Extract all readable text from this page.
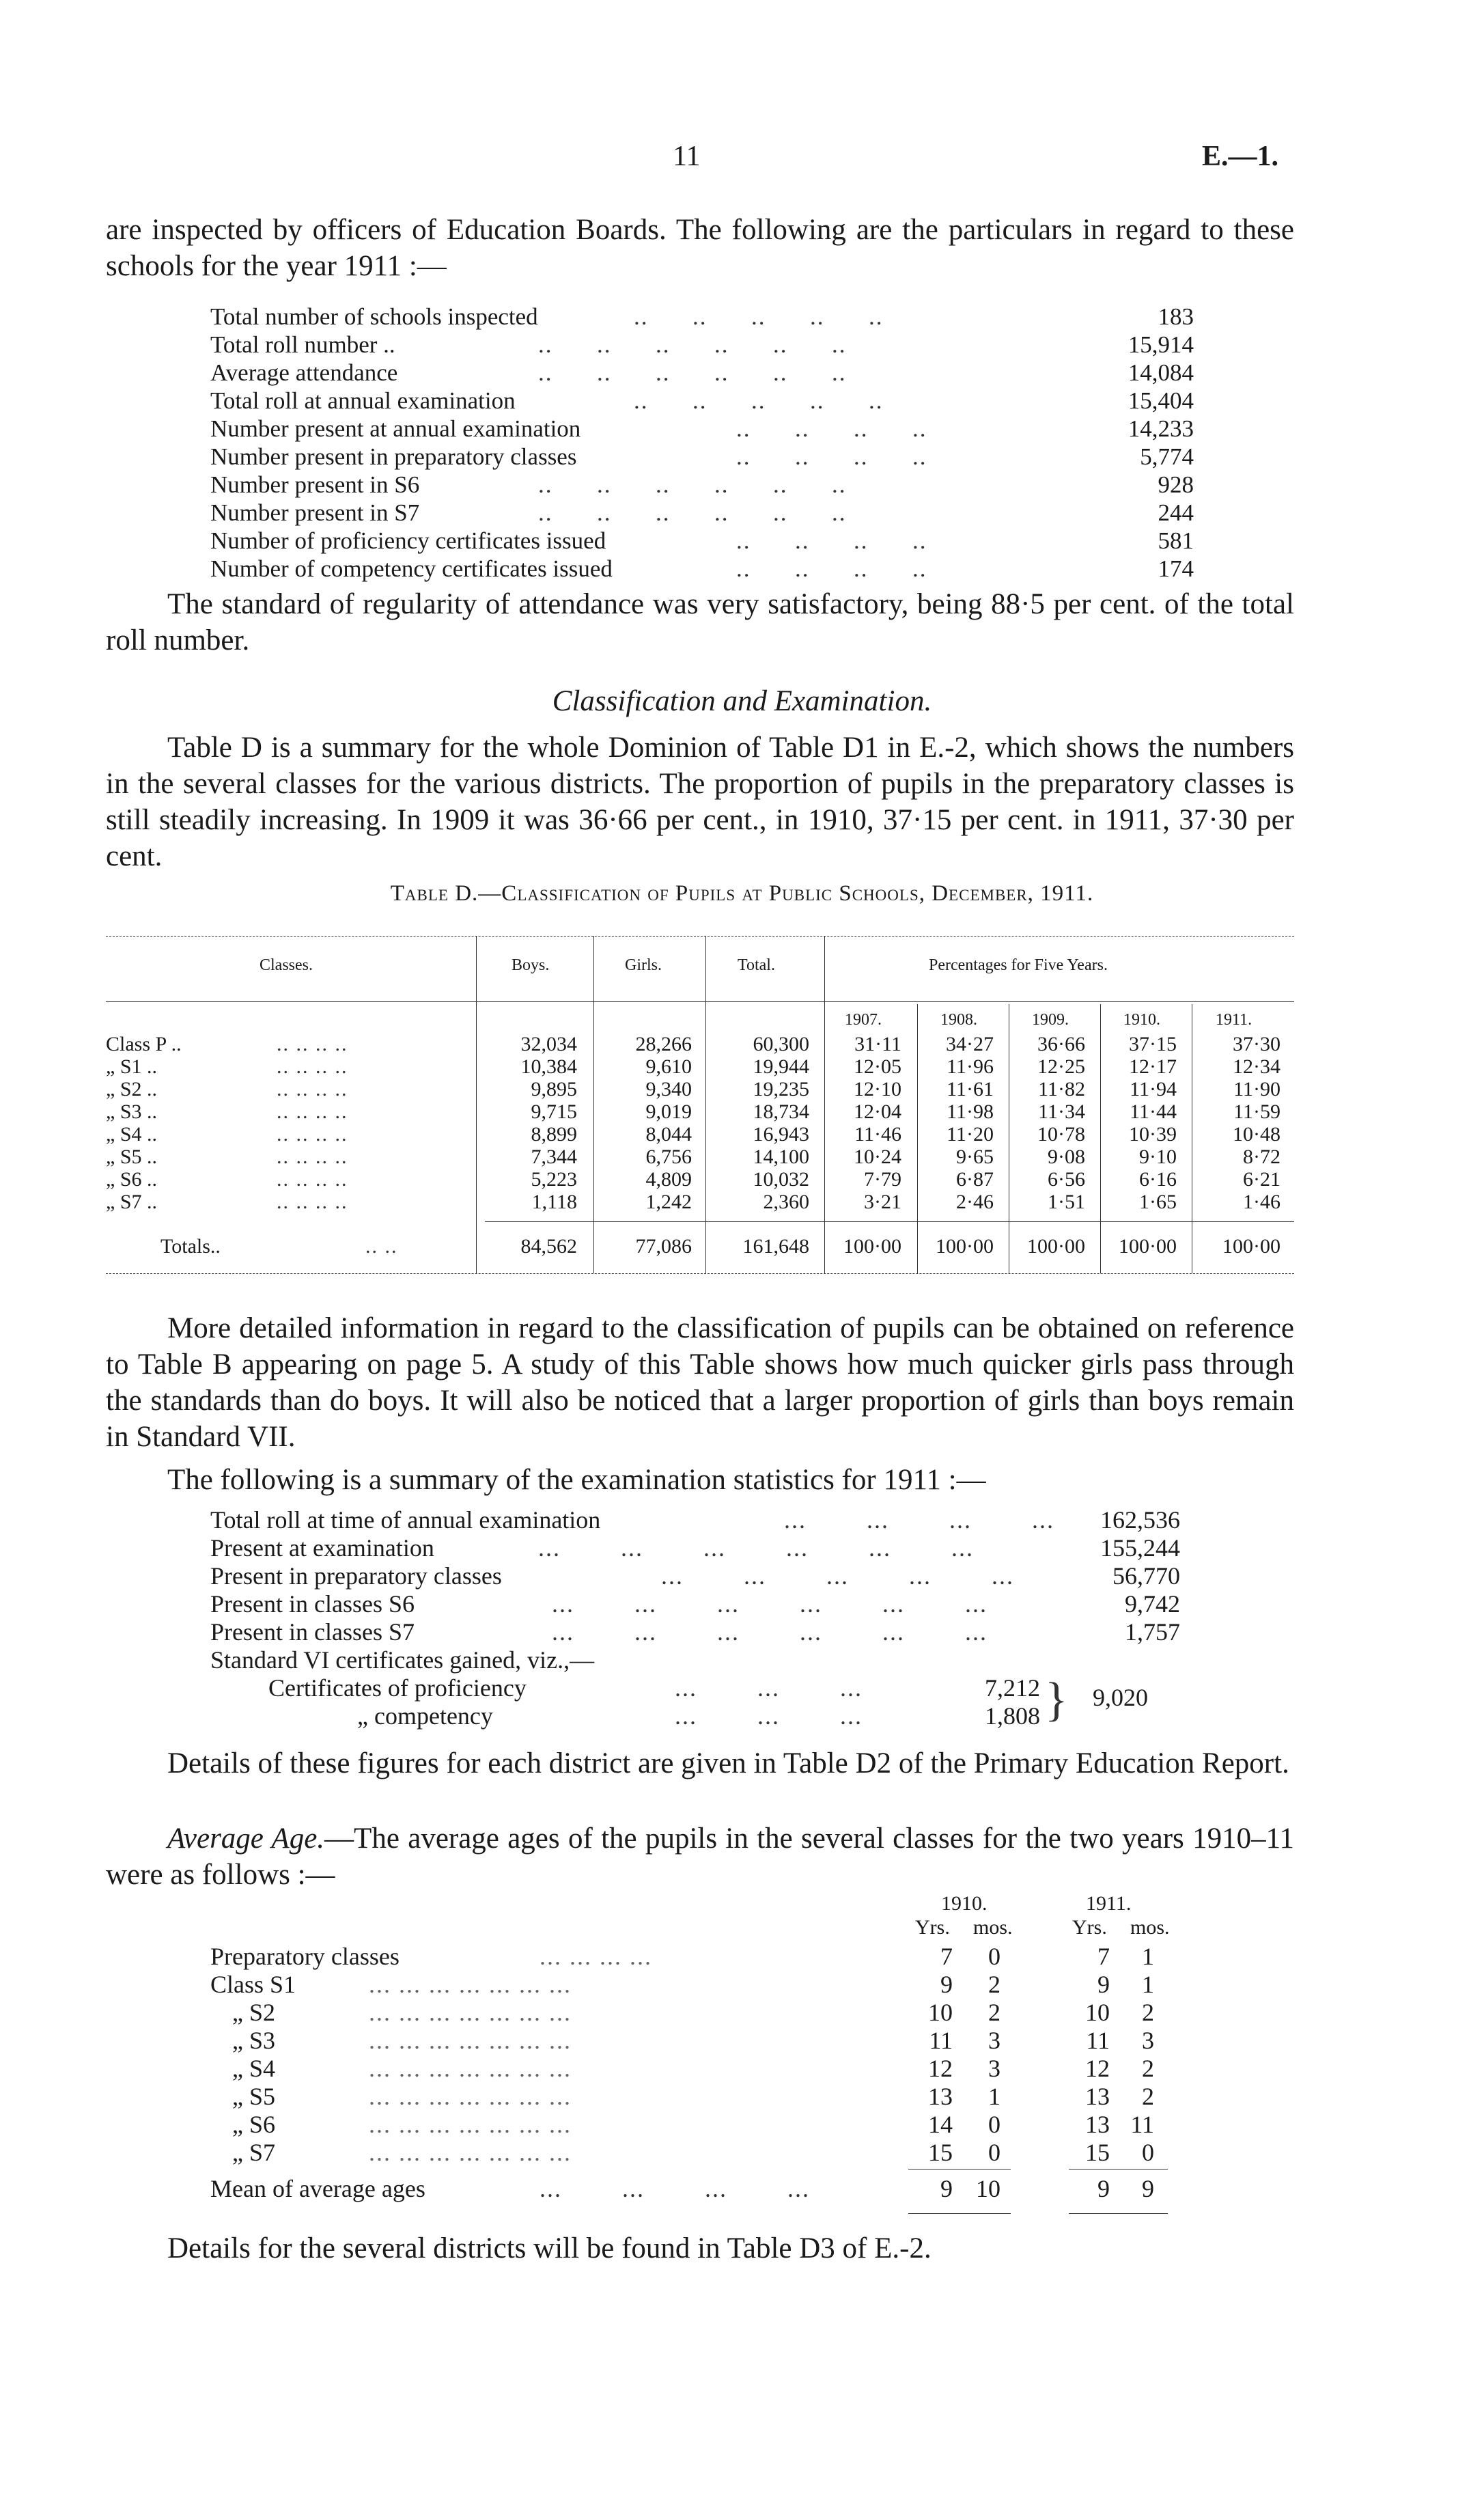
11	E.—1.
are inspected by officers of Education Boards. The following are the particulars in regard to these schools for the year 1911 :—
Total number of schools inspected	..      ..      ..      ..      ..	183
Total roll number ..	..      ..      ..      ..      ..      ..	15,914
Average attendance	..      ..      ..      ..      ..      ..	14,084
Total roll at annual examination	..      ..      ..      ..      ..	15,404
Number present at annual examination	..      ..      ..      ..	14,233
Number present in preparatory classes	..      ..      ..      ..	5,774
Number present in S6	..      ..      ..      ..      ..      ..	928
Number present in S7	..      ..      ..      ..      ..      ..	244
Number of proficiency certificates issued	..      ..      ..      ..	581
Number of competency certificates issued	..      ..      ..      ..	174
The standard of regularity of attendance was very satisfactory, being 88·5 per cent. of the total roll number.
Classification and Examination.
Table D is a summary for the whole Dominion of Table D1 in E.-2, which shows the numbers in the several classes for the various districts. The proportion of pupils in the preparatory classes is still steadily increasing. In 1909 it was 36·66 per cent., in 1910, 37·15 per cent. in 1911, 37·30 per cent.
Table D.—Classification of Pupils at Public Schools, December, 1911.
Classes.	Boys.	Girls.	Total.	Percentages for Five Years.
1907.	1908.	1909.	1910.	1911.
Class P ..	.. .. .. ..	32,034	28,266	60,300 31·11 34·27 36·66 37·15	37·30
„ S1 ..	.. .. .. ..	10,384	9,610	19,944 12·05 11·96 12·25 12·17	12·34
„ S2 ..	.. .. .. ..	9,895	9,340	19,235 12·10 11·61 11·82 11·94	11·90
„ S3 ..	.. .. .. ..	9,715	9,019	18,734 12·04 11·98 11·34 11·44	11·59
„ S4 ..	.. .. .. ..	8,899	8,044	16,943 11·46 11·20 10·78 10·39	10·48
„ S5 ..	.. .. .. ..	7,344	6,756	14,100 10·24	9·65	9·08	9·10	8·72
„ S6 ..	.. .. .. ..	5,223	4,809	10,032	7·79	6·87	6·56	6·16	6·21
„ S7 ..	.. .. .. ..	1,118	1,242	2,360	3·21	2·46	1·51	1·65	1·46
Totals..	.. ..	84,562	77,086 161,648 100·00 100·00 100·00 100·00 100·00
More detailed information in regard to the classification of pupils can be obtained on reference to Table B appearing on page 5. A study of this Table shows how much quicker girls pass through the standards than do boys. It will also be noticed that a larger proportion of girls than boys remain in Standard VII.
The following is a summary of the examination statistics for 1911 :—
Total roll at time of annual examination	...        ...        ...        ... 162,536
Present at examination	...        ...        ...        ...        ...        ...	155,244
Present in preparatory classes	...        ...        ...        ...        ...	56,770
Present in classes S6	...        ...        ...        ...        ...        ...	9,742
Present in classes S7	...        ...        ...        ...        ...        ...	1,757
Standard VI certificates gained, viz.,—
Certificates of proficiency	...        ...        ...	7,212
„ competency	...        ...        ...	1,808 } 9,020
Details of these figures for each district are given in Table D2 of the Primary Education Report.
Average Age.—The average ages of the pupils in the several classes for the two years 1910–11 were as follows :—
1910.	1911.
Yrs. mos.	Yrs. mos.
Preparatory classes	7	0	7	1
... ... ... ...
Class S1	9	2	9	1
... ... ... ... ... ... ...
„ S2	10	2	10	2
... ... ... ... ... ... ...
„ S3	11	3	11	3
... ... ... ... ... ... ...
„ S4	12	3	12	2
... ... ... ... ... ... ...
„ S5	13	1	13	2
... ... ... ... ... ... ...
„ S6	14	0	13 11
... ... ... ... ... ... ...
„ S7	15	0	15	0
... ... ... ... ... ... ...
Mean of average ages	...        ...        ...        ...	9 10	9	9
Details for the several districts will be found in Table D3 of E.-2.
